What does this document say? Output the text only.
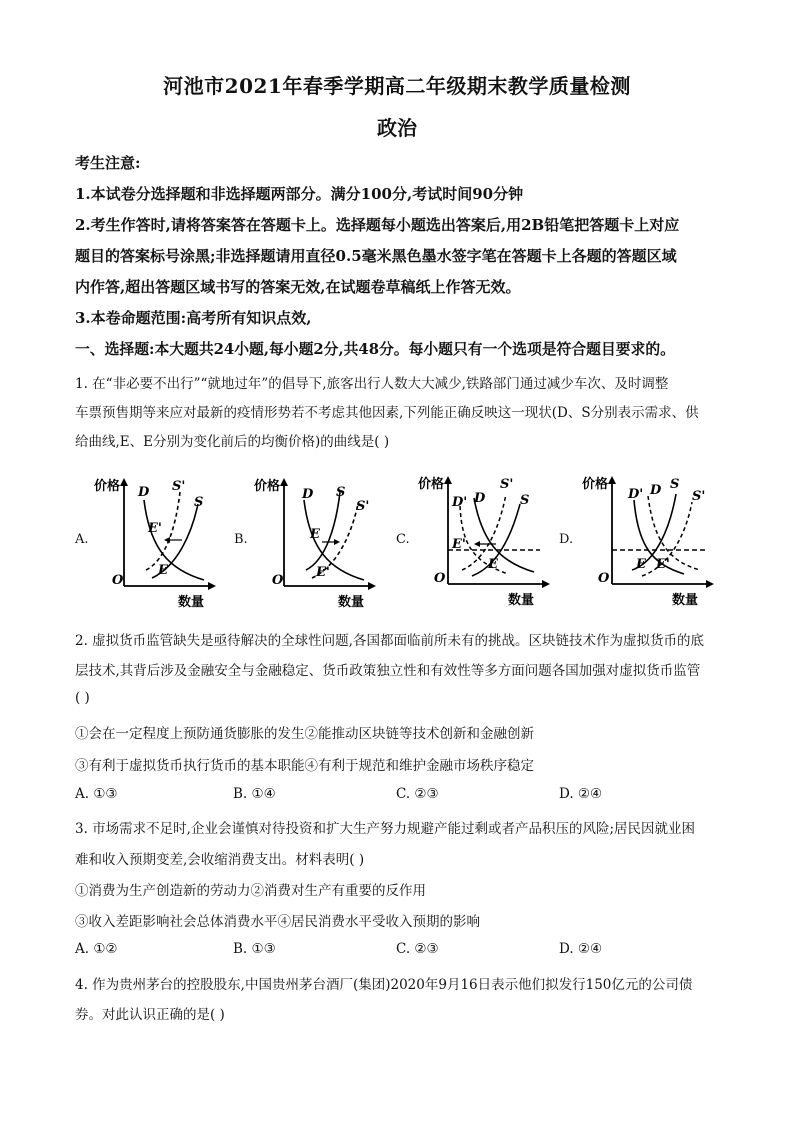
河池市2021年春季学期高二年级期末教学质量检测
政治
考生注意:
1.本试卷分选择题和非选择题两部分。满分100分,考试时间90分钟
2.考生作答时,请将答案答在答题卡上。选择题每小题选出答案后,用2B铅笔把答题卡上对应
题目的答案标号涂黑;非选择题请用直径0.5毫米黑色墨水签字笔在答题卡上各题的答题区域
内作答,超出答题区域书写的答案无效,在试题卷草稿纸上作答无效。
3.本卷命题范围:高考所有知识点效,
一、选择题:本大题共24小题,每小题2分,共48分。每小题只有一个选项是符合题目要求的。
1. 在“非必要不出行”“就地过年”的倡导下,旅客出行人数大大减少,铁路部门通过减少车次、及时调整
车票预售期等来应对最新的疫情形势若不考虑其他因素,下列能正确反映这一现状(D、S分别表示需求、供
给曲线,E、E分别为变化前后的均衡价格)的曲线是( )
A.
价格
数量
O
D S'
S
E'
E
B.
价格
数量
O
D S
S'
E
E'
C.
价格
数量
O
D' D
S'
S
E'
E
D.
价格
数量
O
D' D S
S'
E E'
2. 虚拟货币监管缺失是亟待解决的全球性问题,各国都面临前所未有的挑战。区块链技术作为虚拟货币的底
层技术,其背后涉及金融安全与金融稳定、货币政策独立性和有效性等多方面问题各国加强对虚拟货币监管
( )
①会在一定程度上预防通货膨胀的发生②能推动区块链等技术创新和金融创新
③有利于虚拟货币执行货币的基本职能④有利于规范和维护金融市场秩序稳定
A. ①③	B. ①④	C. ②③	D. ②④
3. 市场需求不足时,企业会谨慎对待投资和扩大生产努力规避产能过剩或者产品积压的风险;居民因就业困
难和收入预期变差,会收缩消费支出。材料表明( )
①消费为生产创造新的劳动力②消费对生产有重要的反作用
③收入差距影响社会总体消费水平④居民消费水平受收入预期的影响
A. ①②	B. ①③	C. ②③	D. ②④
4. 作为贵州茅台的控股股东,中国贵州茅台酒厂(集团)2020年9月16日表示他们拟发行150亿元的公司债
券。对此认识正确的是( )
